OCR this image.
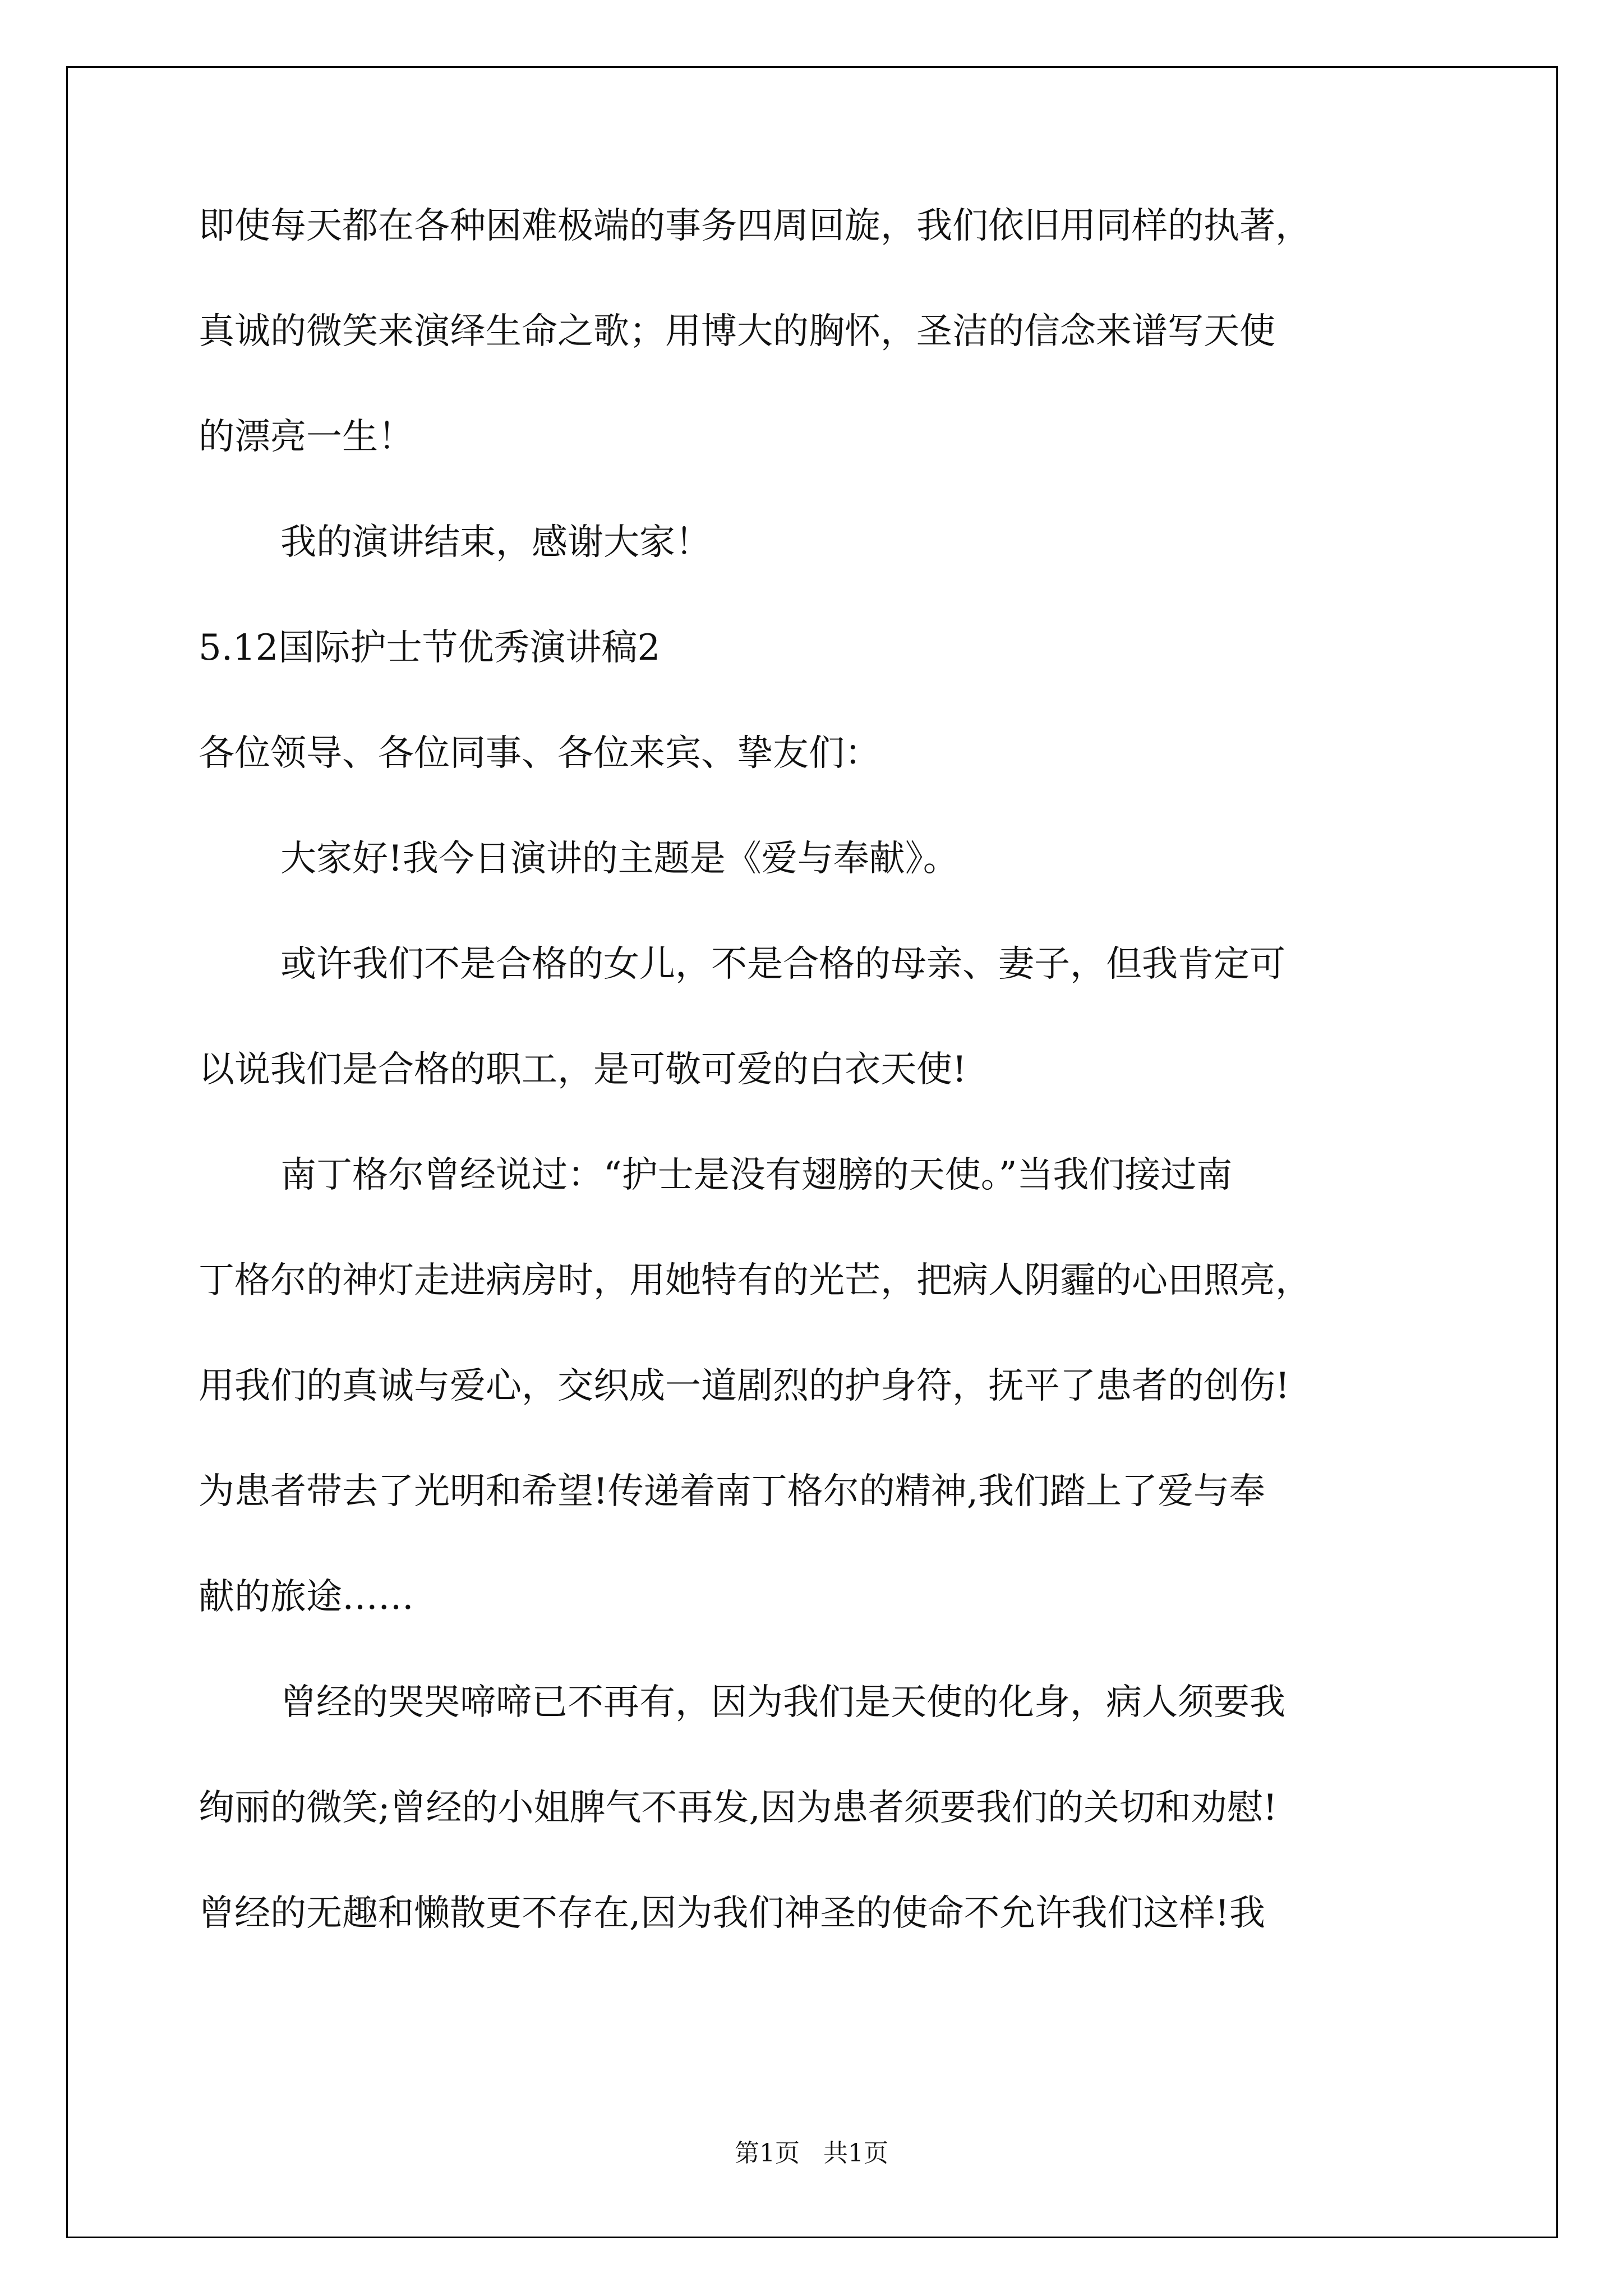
即使每天都在各种困难极端的事务四周回旋，我们依旧用同样的执著，
真诚的微笑来演绎生命之歌；用博大的胸怀，圣洁的信念来谱写天使
的漂亮一生！
我的演讲结束，感谢大家！
5.12国际护士节优秀演讲稿2
各位领导、各位同事、各位来宾、挚友们：
大家好!我今日演讲的主题是《爱与奉献》。
或许我们不是合格的女儿，不是合格的母亲、妻子，但我肯定可
以说我们是合格的职工，是可敬可爱的白衣天使!
南丁格尔曾经说过：“护士是没有翅膀的天使。”当我们接过南
丁格尔的神灯走进病房时，用她特有的光芒，把病人阴霾的心田照亮，
用我们的真诚与爱心，交织成一道剧烈的护身符，抚平了患者的创伤!
为患者带去了光明和希望!传递着南丁格尔的精神,我们踏上了爱与奉
献的旅途……
曾经的哭哭啼啼已不再有，因为我们是天使的化身，病人须要我
绚丽的微笑;曾经的小姐脾气不再发,因为患者须要我们的关切和劝慰!
曾经的无趣和懒散更不存在,因为我们神圣的使命不允许我们这样!我
第1页   共1页
